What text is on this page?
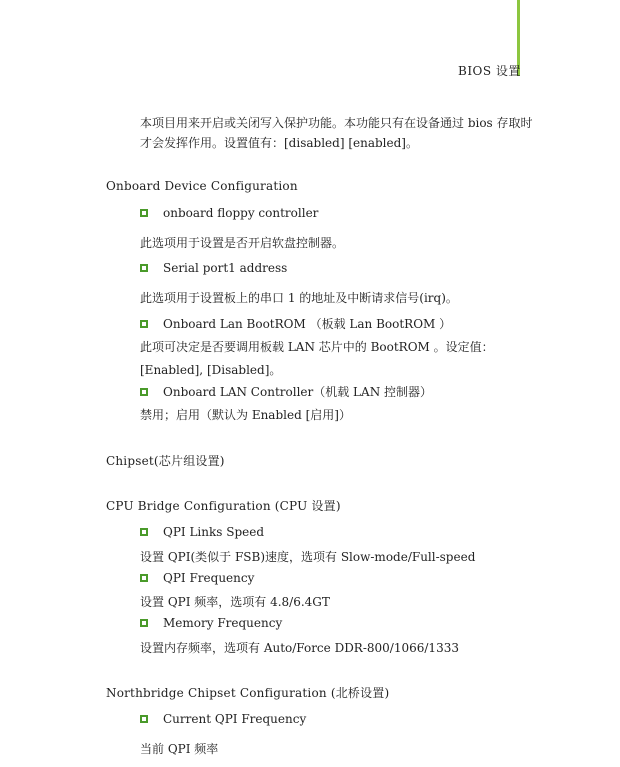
BIOS 设置
本项目用来开启或关闭写入保护功能。本功能只有在设备通过 bios 存取时
才会发挥作用。设置值有：[disabled] [enabled]。
Onboard Device Configuration
onboard floppy controller
此选项用于设置是否开启软盘控制器。
Serial port1 address
此选项用于设置板上的串口 1 的地址及中断请求信号(irq)。
Onboard Lan BootROM （板载 Lan BootROM ）
此项可决定是否要调用板载 LAN 芯片中的 BootROM 。设定值：
[Enabled], [Disabled]。
Onboard LAN Controller（机载 LAN 控制器）
禁用；启用（默认为 Enabled [启用]）
Chipset(芯片组设置)
CPU Bridge Configuration (CPU 设置)
QPI Links Speed
设置 QPI(类似于 FSB)速度，选项有 Slow-mode/Full-speed
QPI Frequency
设置 QPI 频率，选项有 4.8/6.4GT
Memory Frequency
设置内存频率，选项有 Auto/Force DDR-800/1066/1333
Northbridge Chipset Configuration (北桥设置)
Current QPI Frequency
当前 QPI 频率
